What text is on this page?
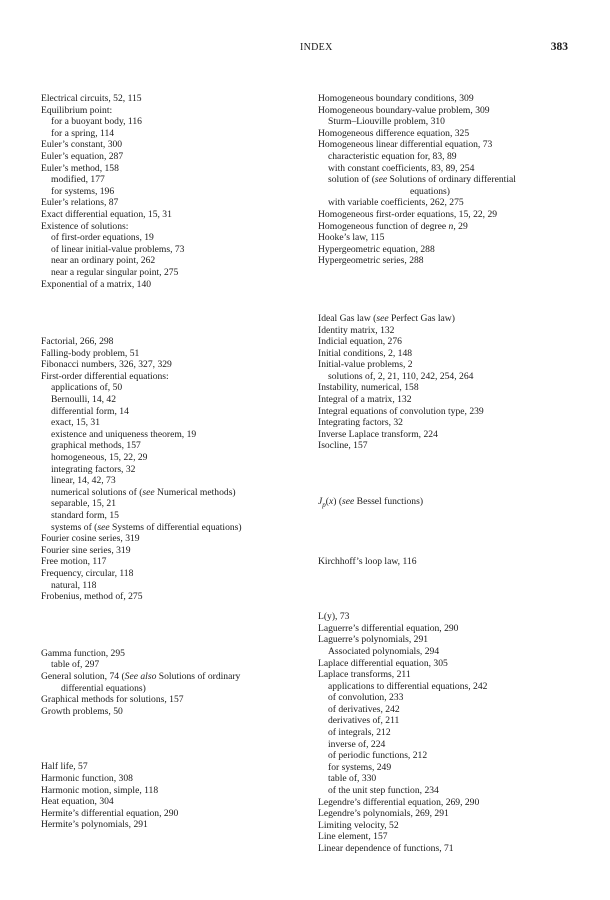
INDEX	383
Electrical circuits, 52, 115
Equilibrium point:
for a buoyant body, 116
for a spring, 114
Euler’s constant, 300
Euler’s equation, 287
Euler’s method, 158
modified, 177
for systems, 196
Euler’s relations, 87
Exact differential equation, 15, 31
Existence of solutions:
of first-order equations, 19
of linear initial-value problems, 73
near an ordinary point, 262
near a regular singular point, 275
Exponential of a matrix, 140
Factorial, 266, 298
Falling-body problem, 51
Fibonacci numbers, 326, 327, 329
First-order differential equations:
applications of, 50
Bernoulli, 14, 42
differential form, 14
exact, 15, 31
existence and uniqueness theorem, 19
graphical methods, 157
homogeneous, 15, 22, 29
integrating factors, 32
linear, 14, 42, 73
numerical solutions of (see Numerical methods)
separable, 15, 21
standard form, 15
systems of (see Systems of differential equations)
Fourier cosine series, 319
Fourier sine series, 319
Free motion, 117
Frequency, circular, 118
natural, 118
Frobenius, method of, 275
Gamma function, 295
table of, 297
General solution, 74 (See also Solutions of ordinary
differential equations)
Graphical methods for solutions, 157
Growth problems, 50
Half life, 57
Harmonic function, 308
Harmonic motion, simple, 118
Heat equation, 304
Hermite’s differential equation, 290
Hermite’s polynomials, 291
Homogeneous boundary conditions, 309
Homogeneous boundary-value problem, 309
Sturm–Liouville problem, 310
Homogeneous difference equation, 325
Homogeneous linear differential equation, 73
characteristic equation for, 83, 89
with constant coefficients, 83, 89, 254
solution of (see Solutions of ordinary differential
equations)
with variable coefficients, 262, 275
Homogeneous first-order equations, 15, 22, 29
Homogeneous function of degree n, 29
Hooke’s law, 115
Hypergeometric equation, 288
Hypergeometric series, 288
Ideal Gas law (see Perfect Gas law)
Identity matrix, 132
Indicial equation, 276
Initial conditions, 2, 148
Initial-value problems, 2
solutions of, 2, 21, 110, 242, 254, 264
Instability, numerical, 158
Integral of a matrix, 132
Integral equations of convolution type, 239
Integrating factors, 32
Inverse Laplace transform, 224
Isocline, 157
$J_p(x)$ (see Bessel functions)
Kirchhoff’s loop law, 116
L(y), 73
Laguerre’s differential equation, 290
Laguerre’s polynomials, 291
Associated polynomials, 294
Laplace differential equation, 305
Laplace transforms, 211
applications to differential equations, 242
of convolution, 233
of derivatives, 242
derivatives of, 211
of integrals, 212
inverse of, 224
of periodic functions, 212
for systems, 249
table of, 330
of the unit step function, 234
Legendre’s differential equation, 269, 290
Legendre’s polynomials, 269, 291
Limiting velocity, 52
Line element, 157
Linear dependence of functions, 71
